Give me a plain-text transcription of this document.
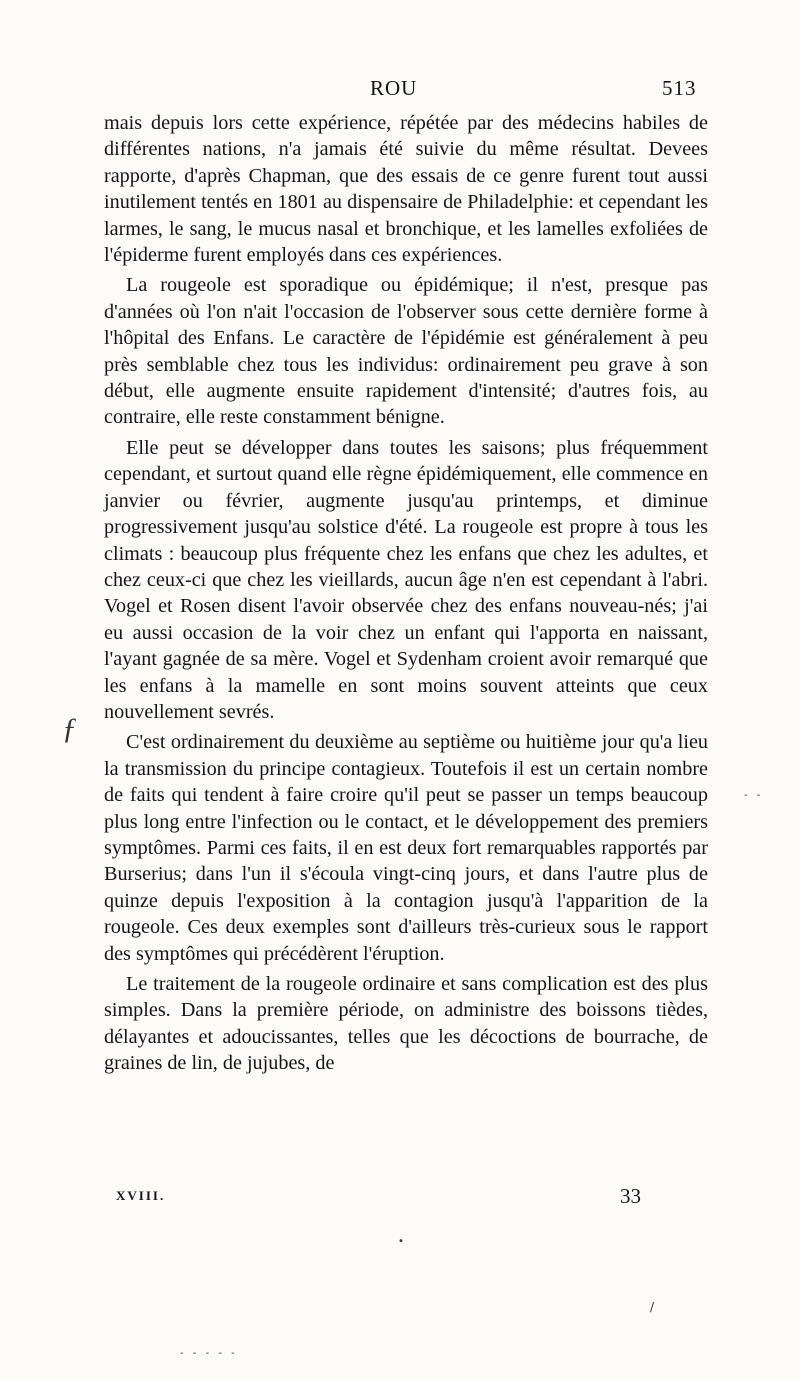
ROU	513

mais depuis lors cette expérience, répétée par des médecins habiles de différentes nations, n'a jamais été suivie du même résultat. Devees rapporte, d'après Chapman, que des essais de ce genre furent tout aussi inutilement tentés en 1801 au dispensaire de Philadelphie: et cependant les larmes, le sang, le mucus nasal et bronchique, et les lamelles exfoliées de l'épiderme furent employés dans ces expériences.

La rougeole est sporadique ou épidémique; il n'est, presque pas d'années où l'on n'ait l'occasion de l'observer sous cette dernière forme à l'hôpital des Enfans. Le caractère de l'épidémie est généralement à peu près semblable chez tous les individus: ordinairement peu grave à son début, elle augmente ensuite rapidement d'intensité; d'autres fois, au contraire, elle reste constamment bénigne.

Elle peut se développer dans toutes les saisons; plus fréquemment cependant, et surtout quand elle règne épidémiquement, elle commence en janvier ou février, augmente jusqu'au printemps, et diminue progressivement jusqu'au solstice d'été. La rougeole est propre à tous les climats : beaucoup plus fréquente chez les enfans que chez les adultes, et chez ceux-ci que chez les vieillards, aucun âge n'en est cependant à l'abri. Vogel et Rosen disent l'avoir observée chez des enfans nouveau-nés; j'ai eu aussi occasion de la voir chez un enfant qui l'apporta en naissant, l'ayant gagnée de sa mère. Vogel et Sydenham croient avoir remarqué que les enfans à la mamelle en sont moins souvent atteints que ceux nouvellement sevrés.

C'est ordinairement du deuxième au septième ou huitième jour qu'a lieu la transmission du principe contagieux. Toutefois il est un certain nombre de faits qui tendent à faire croire qu'il peut se passer un temps beaucoup plus long entre l'infection ou le contact, et le développement des premiers symptômes. Parmi ces faits, il en est deux fort remarquables rapportés par Burserius; dans l'un il s'écoula vingt-cinq jours, et dans l'autre plus de quinze depuis l'exposition à la contagion jusqu'à l'apparition de la rougeole. Ces deux exemples sont d'ailleurs très-curieux sous le rapport des symptômes qui précédèrent l'éruption.

Le traitement de la rougeole ordinaire et sans complication est des plus simples. Dans la première période, on administre des boissons tièdes, délayantes et adoucissantes, telles que les décoctions de bourrache, de graines de lin, de jujubes, de

XVIII.	33
ƒ
•
/
- -
- - - - -
